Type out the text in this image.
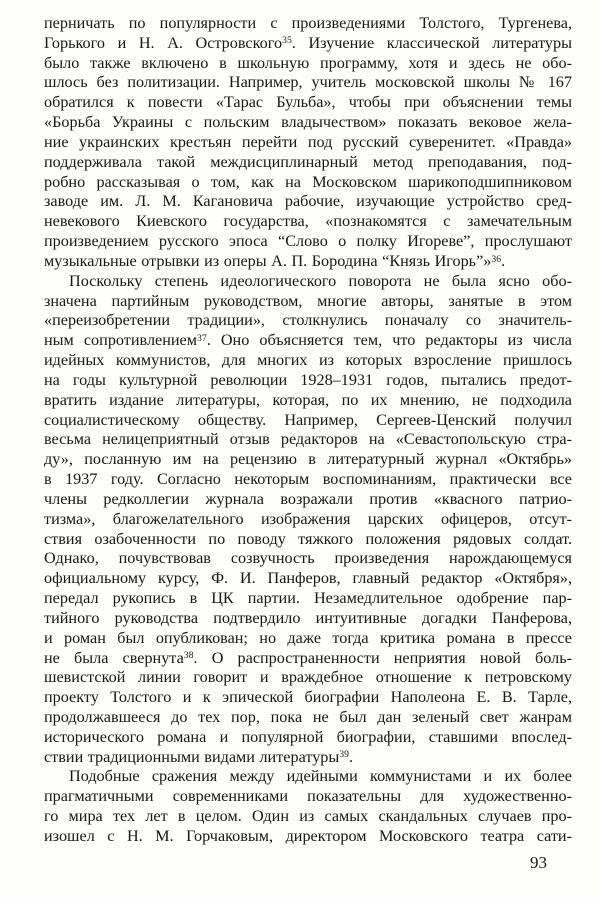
перничать по популярности с произведениями Толстого, Тургенева,
Горького и Н. А. Островского$^{35}$. Изучение классической литературы
было также включено в школьную программу, хотя и здесь не обо-
шлось без политизации. Например, учитель московской школы № 167
обратился к повести «Тарас Бульба», чтобы при объяснении темы
«Борьба Украины с польским владычеством» показать вековое жела-
ние украинских крестьян перейти под русский суверенитет. «Правда»
поддерживала такой междисциплинарный метод преподавания, под-
робно рассказывая о том, как на Московском шарикоподшипниковом
заводе им. Л. М. Кагановича рабочие, изучающие устройство сред-
невекового Киевского государства, «познакомятся с замечательным
произведением русского эпоса “Слово о полку Игореве”, прослушают
музыкальные отрывки из оперы А. П. Бородина “Князь Игорь”»$^{36}$.
Поскольку степень идеологического поворота не была ясно обо-
значена партийным руководством, многие авторы, занятые в этом
«переизобретении традиции», столкнулись поначалу со значитель-
ным сопротивлением$^{37}$. Оно объясняется тем, что редакторы из числа
идейных коммунистов, для многих из которых взросление пришлось
на годы культурной революции 1928–1931 годов, пытались предот-
вратить издание литературы, которая, по их мнению, не подходила
социалистическому обществу. Например, Сергеев-Ценский получил
весьма нелицеприятный отзыв редакторов на «Севастопольскую стра-
ду», посланную им на рецензию в литературный журнал «Октябрь»
в 1937 году. Согласно некоторым воспоминаниям, практически все
члены редколлегии журнала возражали против «квасного патрио-
тизма», благожелательного изображения царских офицеров, отсут-
ствия озабоченности по поводу тяжкого положения рядовых солдат.
Однако, почувствовав созвучность произведения нарождающемуся
официальному курсу, Ф. И. Панферов, главный редактор «Октября»,
передал рукопись в ЦК партии. Незамедлительное одобрение пар-
тийного руководства подтвердило интуитивные догадки Панферова,
и роман был опубликован; но даже тогда критика романа в прессе
не была свернута$^{38}$. О распространенности неприятия новой боль-
шевистской линии говорит и враждебное отношение к петровскому
проекту Толстого и к эпической биографии Наполеона Е. В. Тарле,
продолжавшееся до тех пор, пока не был дан зеленый свет жанрам
исторического романа и популярной биографии, ставшими впослед-
ствии традиционными видами литературы$^{39}$.
Подобные сражения между идейными коммунистами и их более
прагматичными современниками показательны для художественно-
го мира тех лет в целом. Один из самых скандальных случаев про-
изошел с Н. М. Горчаковым, директором Московского театра сати-
93
